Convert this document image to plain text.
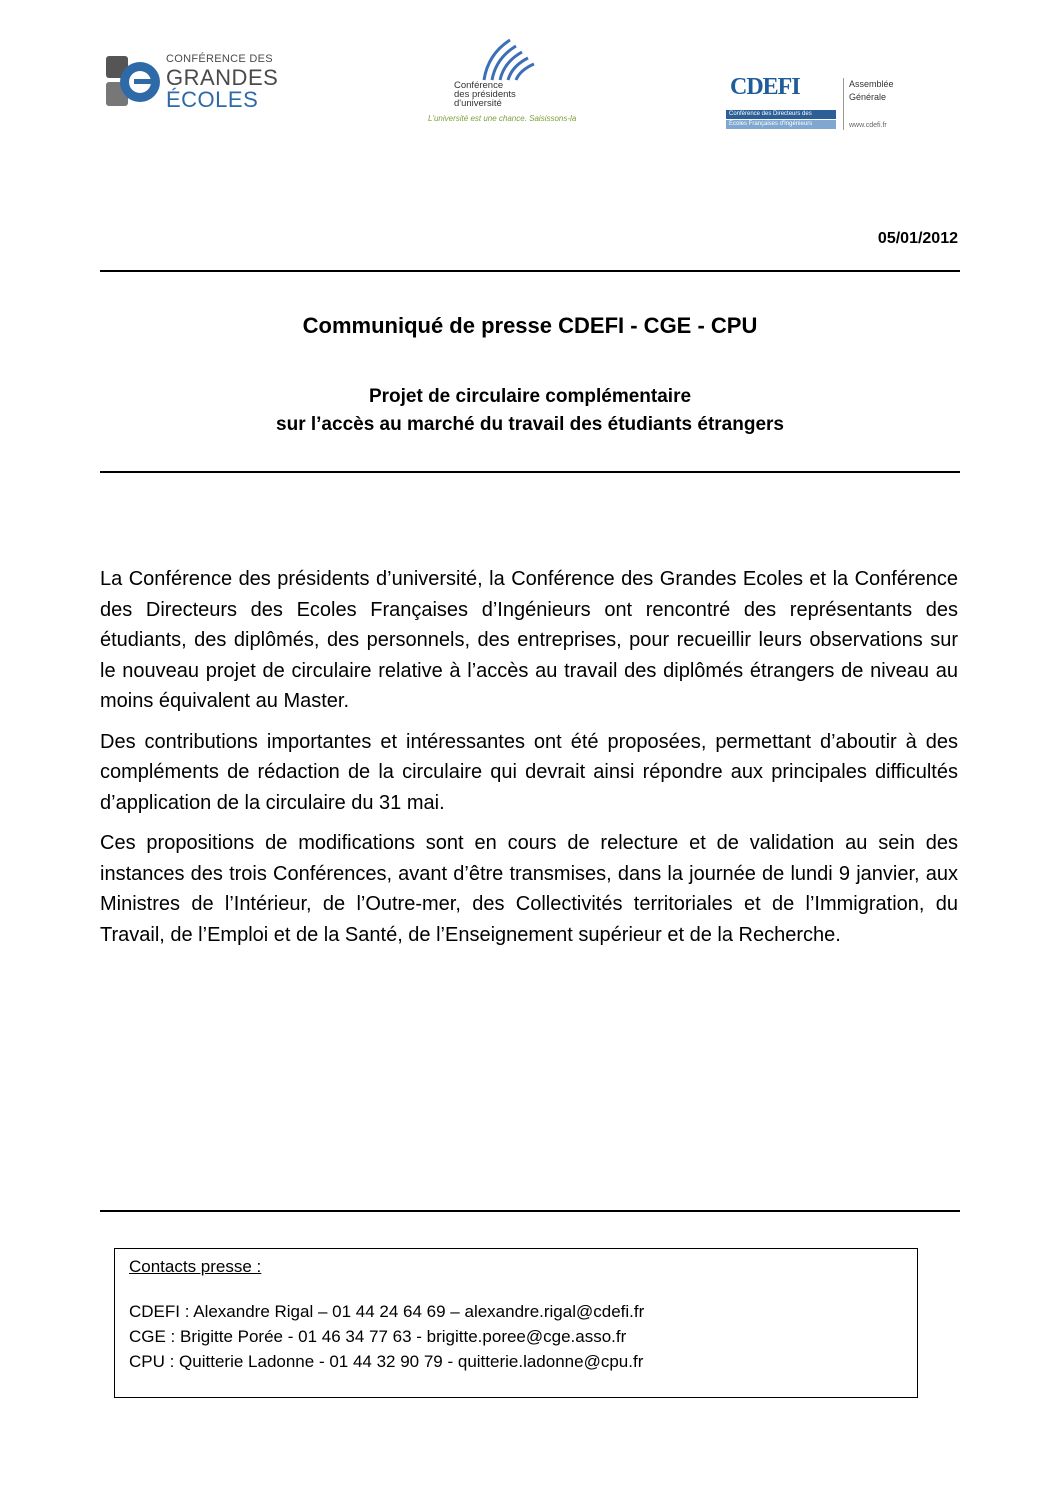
CONFÉRENCE DES
GRANDES
ÉCOLES
Conférence
des présidents
d'université
L'université est une chance. Saisissons-la
CDEFI
Conférence des Directeurs des
Écoles Françaises d'Ingénieurs
Assemblée
Générale
www.cdefi.fr
05/01/2012
Communiqué de presse CDEFI - CGE - CPU
Projet de circulaire complémentaire
sur l’accès au marché du travail des étudiants étrangers

La Conférence des présidents d’université, la Conférence des Grandes Ecoles et la Conférence des Directeurs des Ecoles Françaises d’Ingénieurs ont rencontré des représentants des étudiants, des diplômés, des personnels, des entreprises, pour recueillir leurs observations sur le nouveau projet de circulaire relative à l’accès au travail des diplômés étrangers de niveau au moins équivalent au Master.

Des contributions importantes et intéressantes ont été proposées, permettant d’aboutir à des compléments de rédaction de la circulaire qui devrait ainsi répondre aux principales difficultés d’application de la circulaire du 31 mai.

Ces propositions de modifications sont en cours de relecture et de validation au sein des instances des trois Conférences, avant d’être transmises, dans la journée de lundi 9 janvier, aux Ministres de l’Intérieur, de l’Outre-mer, des Collectivités territoriales et de l’Immigration, du Travail, de l’Emploi et de la Santé, de l’Enseignement supérieur et de la Recherche.

Contacts presse :
CDEFI : Alexandre Rigal – 01 44 24 64 69 – alexandre.rigal@cdefi.fr
CGE : Brigitte Porée - 01 46 34 77 63 - brigitte.poree@cge.asso.fr
CPU : Quitterie Ladonne - 01 44 32 90 79 - quitterie.ladonne@cpu.fr
